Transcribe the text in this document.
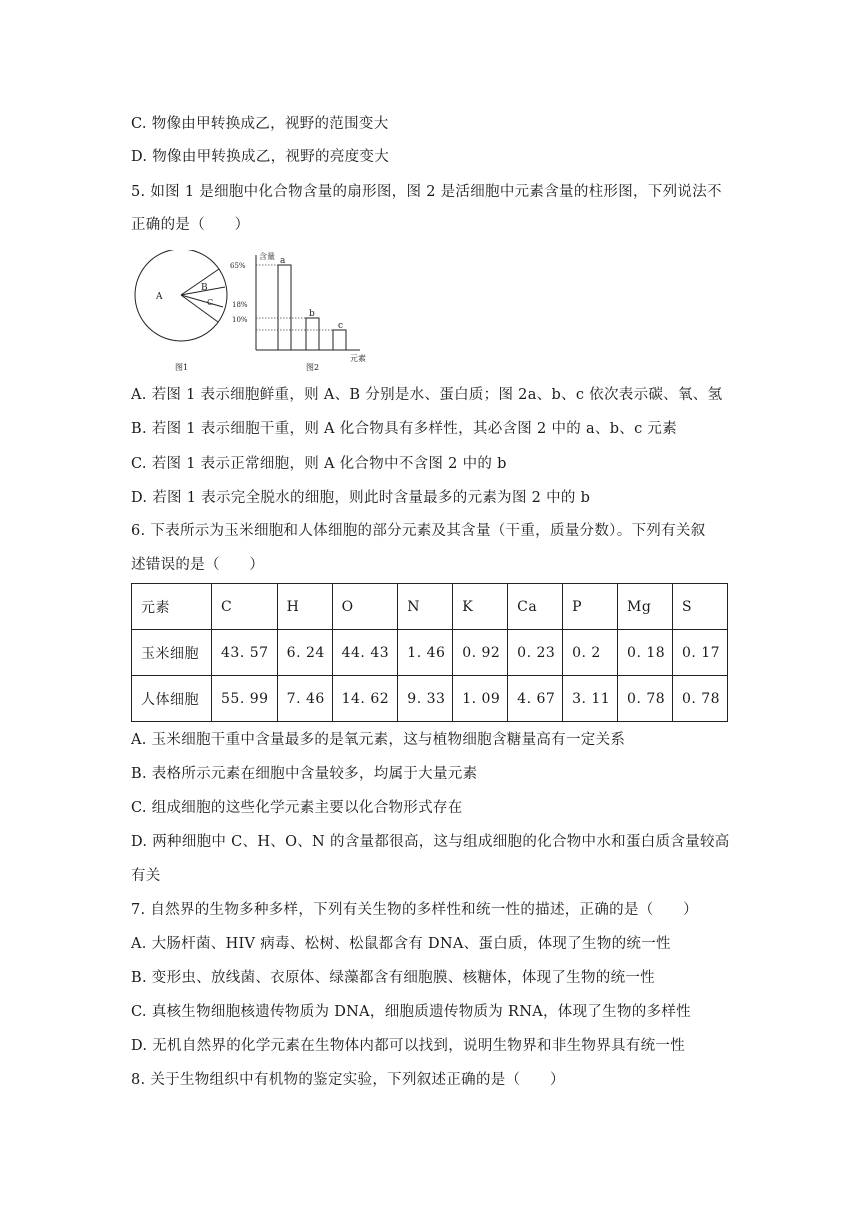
C. 物像由甲转换成乙，视野的范围变大
D. 物像由甲转换成乙，视野的亮度变大
5. 如图 1 是细胞中化合物含量的扇形图，图 2 是活细胞中元素含量的柱形图，下列说法不
正确的是（　　）
A
B
C
图1
含量
65%
18%
10%
a
b
c
元素
图2
A. 若图 1 表示细胞鲜重，则 A、B 分别是水、蛋白质；图 2a、b、c 依次表示碳、氧、氢
B. 若图 1 表示细胞干重，则 A 化合物具有多样性，其必含图 2 中的 a、b、c 元素
C. 若图 1 表示正常细胞，则 A 化合物中不含图 2 中的 b
D. 若图 1 表示完全脱水的细胞，则此时含量最多的元素为图 2 中的 b
6. 下表所示为玉米细胞和人体细胞的部分元素及其含量（干重，质量分数）。下列有关叙
述错误的是（　　）
元素	C	H	O	N	K	Ca	P	Mg	S
玉米细胞	43. 57	6. 24	44. 43	1. 46	0. 92	0. 23	0. 2	0. 18	0. 17
人体细胞	55. 99	7. 46	14. 62	9. 33	1. 09	4. 67	3. 11	0. 78	0. 78
A. 玉米细胞干重中含量最多的是氧元素，这与植物细胞含糖量高有一定关系
B. 表格所示元素在细胞中含量较多，均属于大量元素
C. 组成细胞的这些化学元素主要以化合物形式存在
D. 两种细胞中 C、H、O、N 的含量都很高，这与组成细胞的化合物中水和蛋白质含量较高
有关
7. 自然界的生物多种多样，下列有关生物的多样性和统一性的描述，正确的是（　　）
A. 大肠杆菌、HIV 病毒、松树、松鼠都含有 DNA、蛋白质，体现了生物的统一性
B. 变形虫、放线菌、衣原体、绿藻都含有细胞膜、核糖体，体现了生物的统一性
C. 真核生物细胞核遗传物质为 DNA，细胞质遗传物质为 RNA，体现了生物的多样性
D. 无机自然界的化学元素在生物体内都可以找到，说明生物界和非生物界具有统一性
8. 关于生物组织中有机物的鉴定实验，下列叙述正确的是（　　）
